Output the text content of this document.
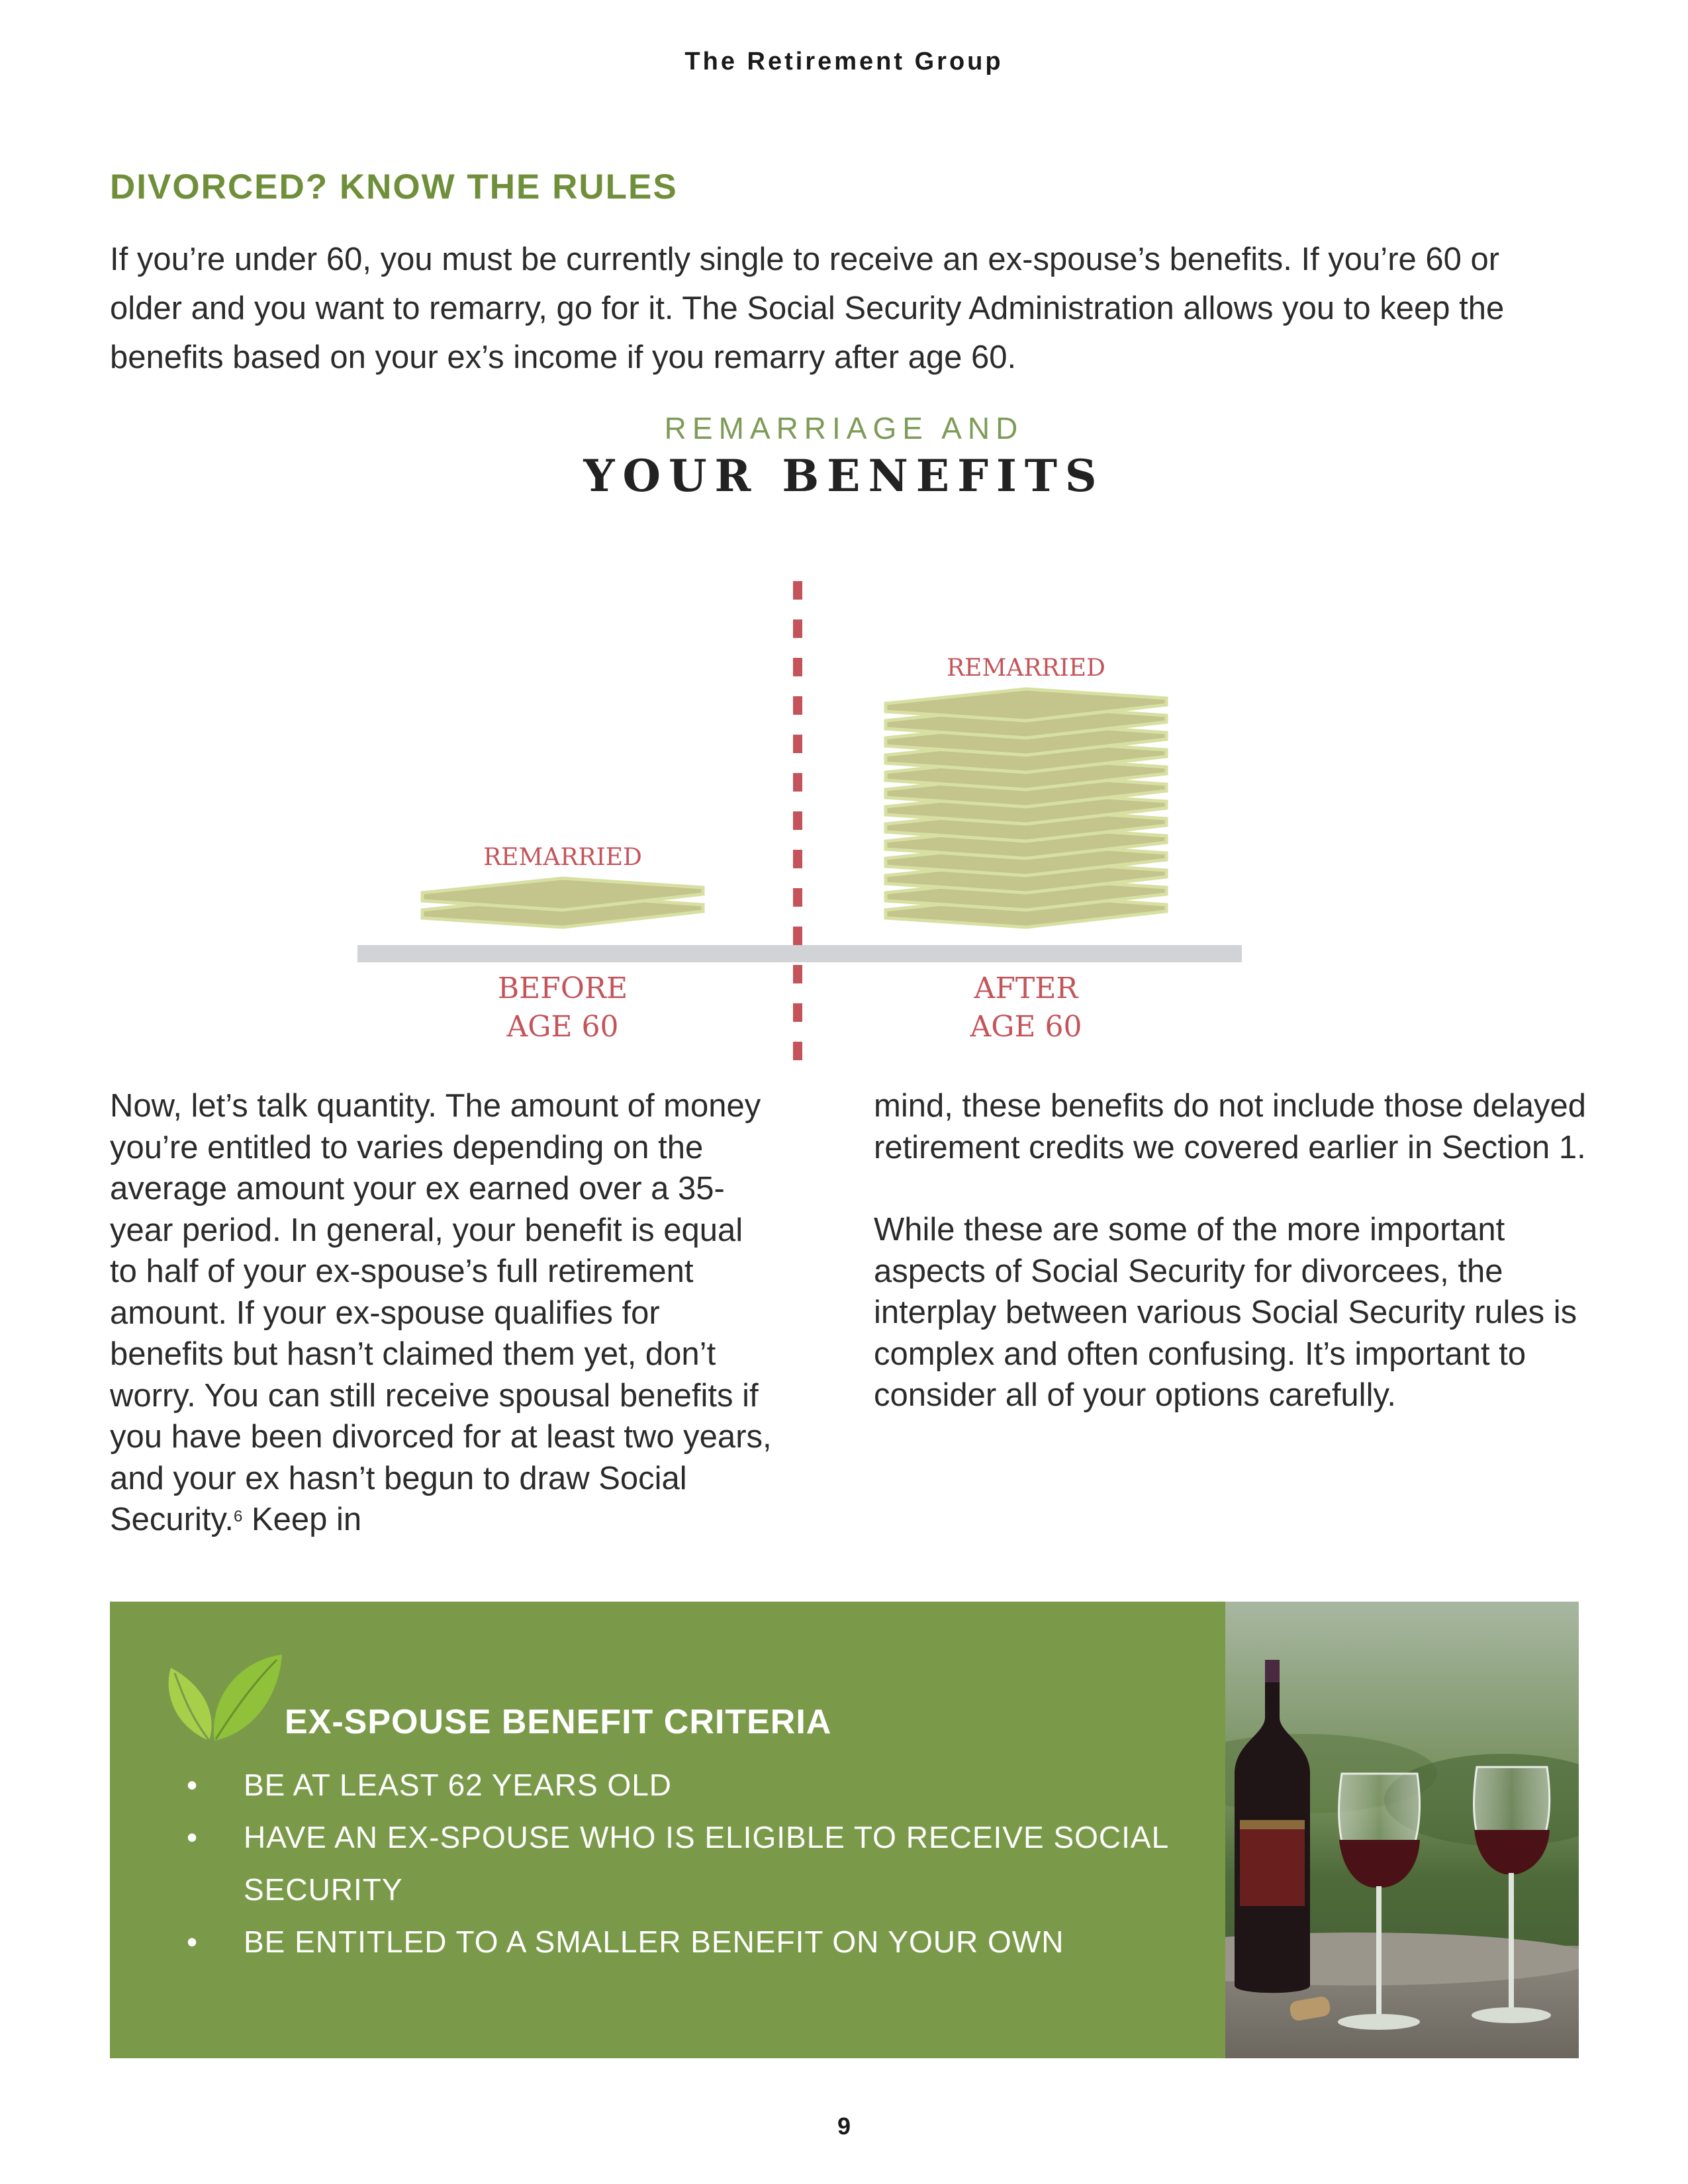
The Retirement Group
DIVORCED? KNOW THE RULES

If you’re under 60, you must be currently single to receive an ex-spouse’s benefits. If you’re 60 or older and you want to remarry, go for it. The Social Security Administration allows you to keep the benefits based on your ex’s income if you remarry after age 60.

REMARRIAGE AND
YOUR BENEFITS
REMARRIED
BEFORE
AGE 60
REMARRIED
AFTER
AGE 60

Now, let’s talk quantity. The amount of money you’re entitled to varies depending on the average amount your ex earned over a 35-year period. In general, your benefit is equal to half of your ex-spouse’s full retirement amount. If your ex-spouse qualifies for benefits but hasn’t claimed them yet, don’t worry. You can still receive spousal benefits if you have been divorced for at least two years, and your ex hasn’t begun to draw Social Security.$^6$ Keep in

mind, these benefits do not include those delayed retirement credits we covered earlier in Section 1.

While these are some of the more important aspects of Social Security for divorcees, the interplay between various Social Security rules is complex and often confusing. It’s important to consider all of your options carefully.

EX-SPOUSE BENEFIT CRITERIA
• BE AT LEAST 62 YEARS OLD
• HAVE AN EX-SPOUSE WHO IS ELIGIBLE TO RECEIVE SOCIAL SECURITY
• BE ENTITLED TO A SMALLER BENEFIT ON YOUR OWN
9
